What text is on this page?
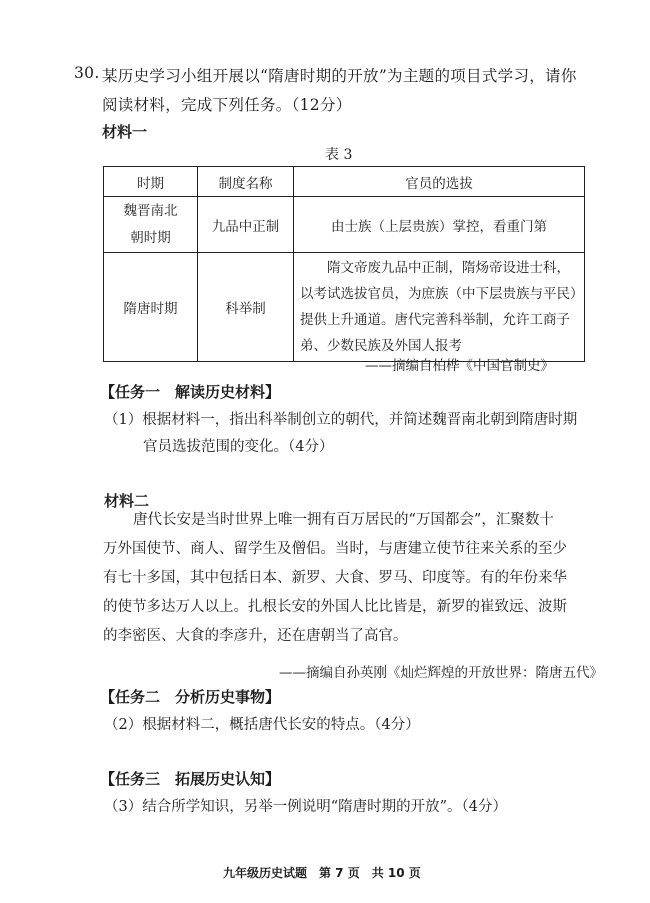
30. 某历史学习小组开展以“隋唐时期的开放”为主题的项目式学习，请你
阅读材料，完成下列任务。（12分）
材料一
表 3
时期	制度名称	官员的选拔

魏晋南北朝时期	九品中正制	由士族（上层贵族）掌控，看重门第
隋唐时期	科举制	隋文帝废九品中正制，隋炀帝设进士科，以考试选拔官员，为庶族（中下层贵族与平民）提供上升通道。唐代完善科举制，允许工商子弟、少数民族及外国人报考
——摘编自柏桦《中国官制史》
【任务一　解读历史材料】
（1）根据材料一，指出科举制创立的朝代，并简述魏晋南北朝到隋唐时期
官员选拔范围的变化。（4分）
材料二
唐代长安是当时世界上唯一拥有百万居民的“万国都会”，汇聚数十
万外国使节、商人、留学生及僧侣。当时，与唐建立使节往来关系的至少
有七十多国，其中包括日本、新罗、大食、罗马、印度等。有的年份来华
的使节多达万人以上。扎根长安的外国人比比皆是，新罗的崔致远、波斯
的李密医、大食的李彦升，还在唐朝当了高官。
——摘编自孙英刚《灿烂辉煌的开放世界：隋唐五代》
【任务二　分析历史事物】
（2）根据材料二，概括唐代长安的特点。（4分）
【任务三　拓展历史认知】
（3）结合所学知识，另举一例说明“隋唐时期的开放”。（4分）
九年级历史试题　第 7 页　共 10 页
